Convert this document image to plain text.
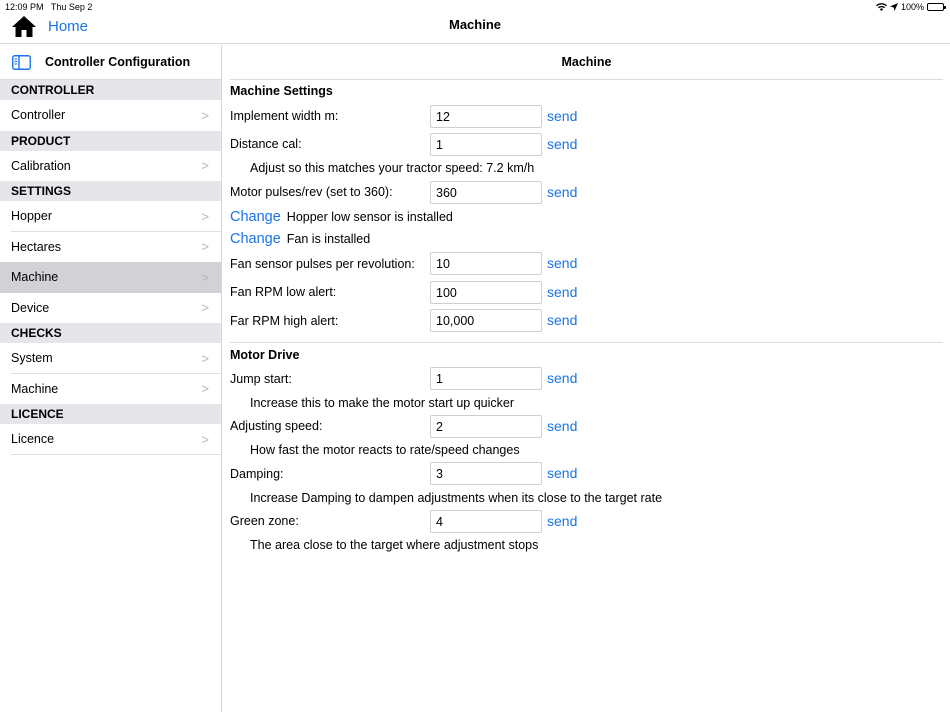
12:09 PM Thu Sep 2	100%
Home	Machine
Controller Configuration
CONTROLLER
Controller	>
PRODUCT
Calibration	>
SETTINGS
Hopper	>
Hectares	>
Machine	>
Device	>
CHECKS
System	>
Machine	>
LICENCE
Licence	>
Machine
Machine Settings
Implement width m:
12	send
Distance cal:
1	send
Adjust so this matches your tractor speed: 7.2 km/h
Motor pulses/rev (set to 360):
360	send
Change Hopper low sensor is installed
Change Fan is installed
Fan sensor pulses per revolution:
10	send
Fan RPM low alert:
100	send
Far RPM high alert:
10,000	send
Motor Drive
Jump start:
1	send
Increase this to make the motor start up quicker
Adjusting speed:
2	send
How fast the motor reacts to rate/speed changes
Damping:
3	send
Increase Damping to dampen adjustments when its close to the target rate
Green zone:
4	send
The area close to the target where adjustment stops
